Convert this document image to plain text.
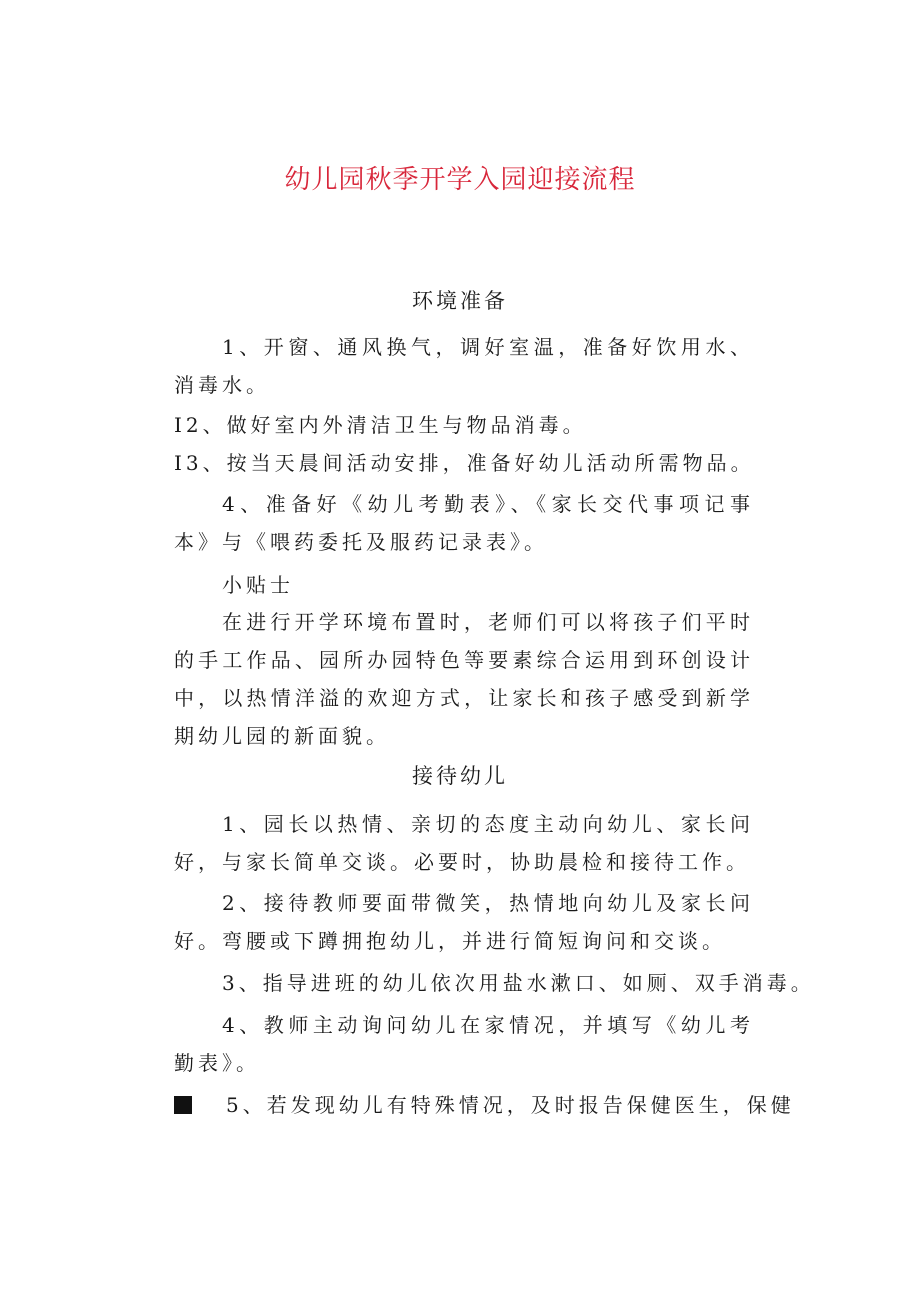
幼儿园秋季开学入园迎接流程
环境准备
1、开窗、通风换气，调好室温，准备好饮用水、消毒水。
I2、做好室内外清洁卫生与物品消毒。
I3、按当天晨间活动安排，准备好幼儿活动所需物品。
4、准备好《幼儿考勤表》、《家长交代事项记事本》与《喂药委托及服药记录表》。
小贴士
在进行开学环境布置时，老师们可以将孩子们平时的手工作品、园所办园特色等要素综合运用到环创设计中，以热情洋溢的欢迎方式，让家长和孩子感受到新学期幼儿园的新面貌。
接待幼儿
1、园长以热情、亲切的态度主动向幼儿、家长问好，与家长简单交谈。必要时，协助晨检和接待工作。
2、接待教师要面带微笑，热情地向幼儿及家长问好。弯腰或下蹲拥抱幼儿，并进行简短询问和交谈。
3、指导进班的幼儿依次用盐水漱口、如厕、双手消毒。
4、教师主动询问幼儿在家情况，并填写《幼儿考勤表》。
5、若发现幼儿有特殊情况，及时报告保健医生，保健
